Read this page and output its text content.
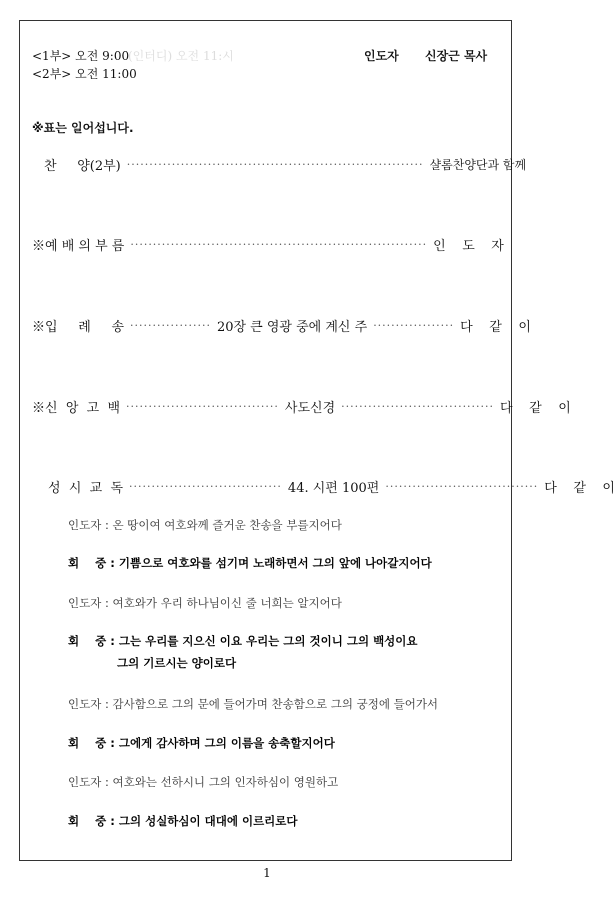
<1부> 오전 9:00
(인터디) 오전 11:시
<2부> 오전 11:00
인도자 신장근 목사
※표는 일어섭니다.
찬     양(2부) ·································································· 샬롬찬양단과 함께
※예 배 의 부 름 ·································································· 인    도    자
※입     례     송 ·················· 20장 큰 영광 중에 계신 주 ·················· 다    같    이
※신  앙  고  백 ·································· 사도신경 ·································· 다    같    이
성  시  교  독 ·································· 44. 시편 100편 ·································· 다    같    이
인도자 : 온 땅이여 여호와께 즐거운 찬송을 부를지어다
회    중 : 기쁨으로 여호와를 섬기며 노래하면서 그의 앞에 나아갈지어다
인도자 : 여호와가 우리 하나님이신 줄 너희는 알지어다
회    중 : 그는 우리를 지으신 이요 우리는 그의 것이니 그의 백성이요
그의 기르시는 양이로다
인도자 : 감사함으로 그의 문에 들어가며 찬송함으로 그의 궁정에 들어가서
회    중 : 그에게 감사하며 그의 이름을 송축할지어다
인도자 : 여호와는 선하시니 그의 인자하심이 영원하고
회    중 : 그의 성실하심이 대대에 이르리로다
1
